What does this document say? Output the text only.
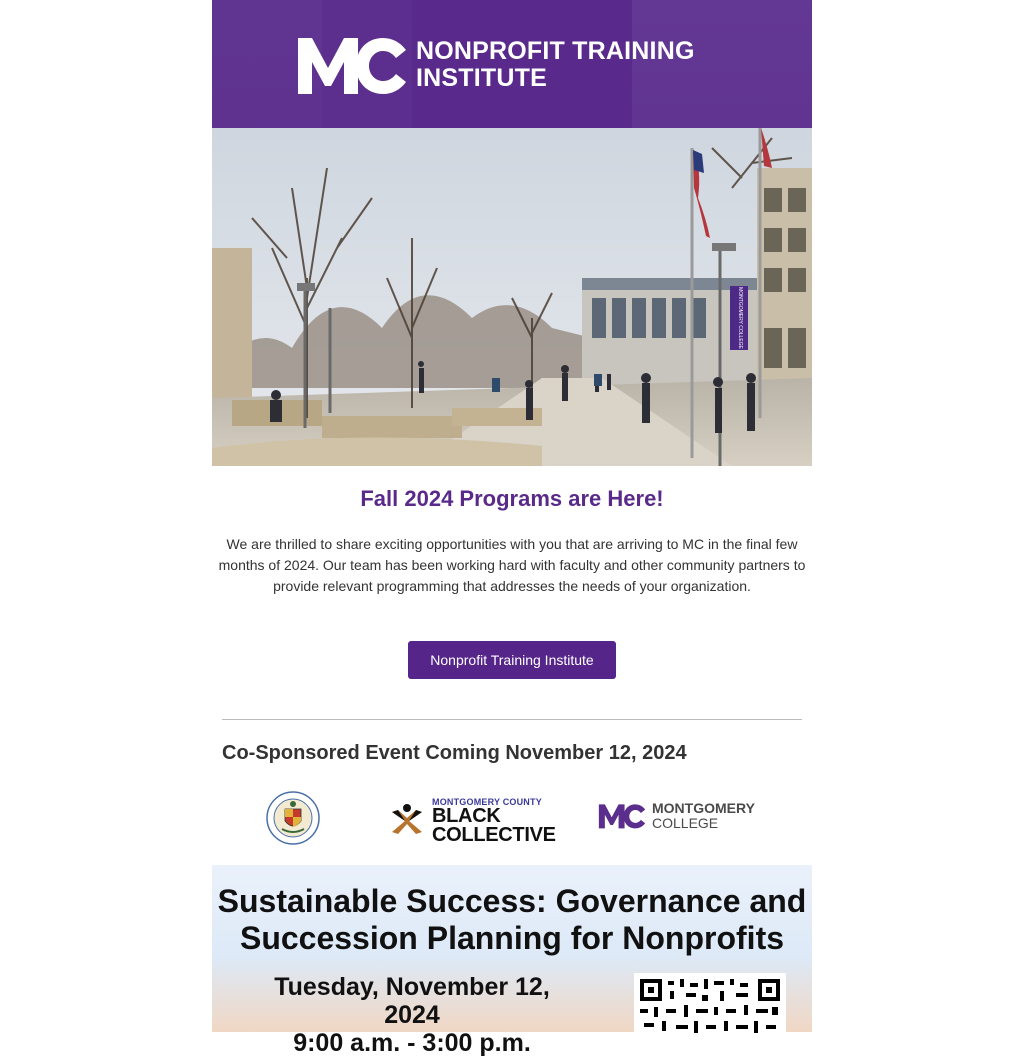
NONPROFIT TRAINING
INSTITUTE
MONTGOMERY COLLEGE
Fall 2024 Programs are Here!

We are thrilled to share exciting opportunities with you that are arriving to MC in the final few months of 2024. Our team has been working hard with faculty and other community partners to provide relevant programming that addresses the needs of your organization.

Nonprofit Training Institute
Co-Sponsored Event Coming November 12, 2024
MONTGOMERY COUNTY
BLACK
COLLECTIVE
MONTGOMERY
COLLEGE
Sustainable Success: Governance and
Succession Planning for Nonprofits
Tuesday, November 12, 2024
9:00 a.m. - 3:00 p.m.
